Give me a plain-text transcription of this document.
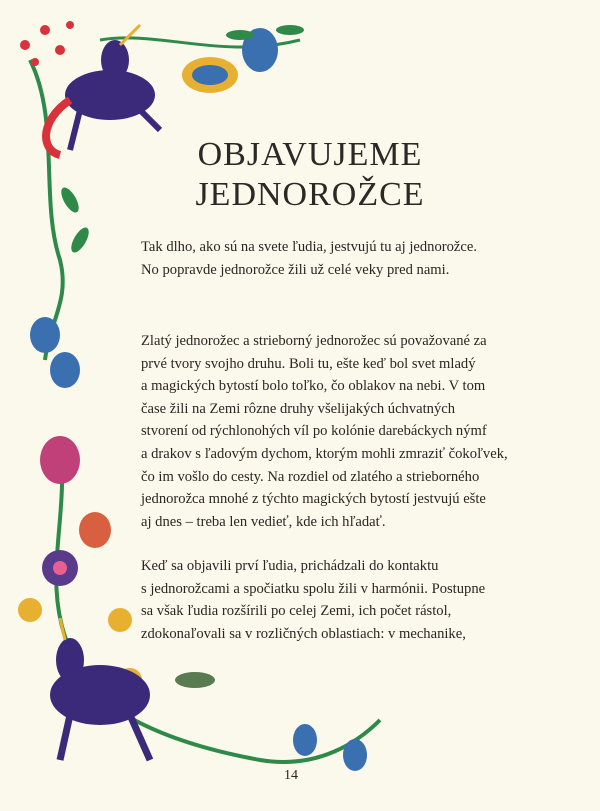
OBJAVUJEME
JEDNOROŽCE

Tak dlho, ako sú na svete ľudia, jestvujú tu aj jednorožce.
No popravde jednorožce žili už celé veky pred nami.

Zlatý jednorožec a strieborný jednorožec sú považované za
prvé tvory svojho druhu. Boli tu, ešte keď bol svet mladý
a magických bytostí bolo toľko, čo oblakov na nebi. V tom
čase žili na Zemi rôzne druhy všelijakých úchvatných
stvorení od rýchlonohých víl po kolónie darebáckych nýmf
a drakov s ľadovým dychom, ktorým mohli zmraziť čokoľvek,
čo im vošlo do cesty. Na rozdiel od zlatého a strieborného
jednorožca mnohé z týchto magických bytostí jestvujú ešte
aj dnes – treba len vedieť, kde ich hľadať.

Keď sa objavili prví ľudia, prichádzali do kontaktu
s jednorožcami a spočiatku spolu žili v harmónii. Postupne
sa však ľudia rozšírili po celej Zemi, ich počet rástol,
zdokonaľovali sa v rozličných oblastiach: v mechanike,

14
